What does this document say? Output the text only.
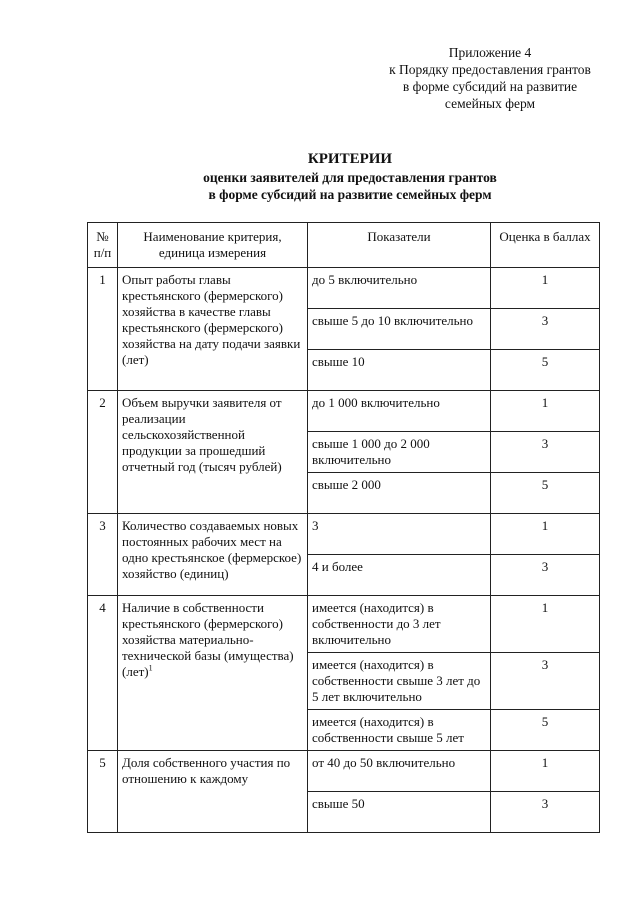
Приложение 4
к Порядку предоставления грантов
в форме субсидий на развитие
семейных ферм
КРИТЕРИИ
оценки заявителей для предоставления грантов
в форме субсидий на развитие семейных ферм
№ п/п	Наименование критерия, единица измерения	Показатели	Оценка в баллах
1	Опыт работы главы крестьянского (фермерского) хозяйства в качестве главы крестьянского (фермерского) хозяйства на дату подачи заявки (лет)	до 5 включительно	1

		свыше 5 до 10 включительно	3

		свыше 10	5
2	Объем выручки заявителя от реализации сельскохозяйственной продукции за прошедший отчетный год (тысяч рублей)	до 1 000 включительно	1

		свыше 1 000 до 2 000 включительно	3

		свыше 2 000	5
3	Количество создаваемых новых постоянных рабочих мест на одно крестьянское (фермерское) хозяйство (единиц)	3	1

		4 и более	3
4	Наличие в собственности крестьянского (фермерского) хозяйства материально-технической базы (имущества) (лет)$^1$	имеется (находится) в собственности до 3 лет включительно	1

		имеется (находится) в собственности свыше 3 лет до 5 лет включительно	3

		имеется (находится) в собственности свыше 5 лет	5
5	Доля собственного участия по отношению к каждому	от 40 до 50 включительно	1

		свыше 50	3
